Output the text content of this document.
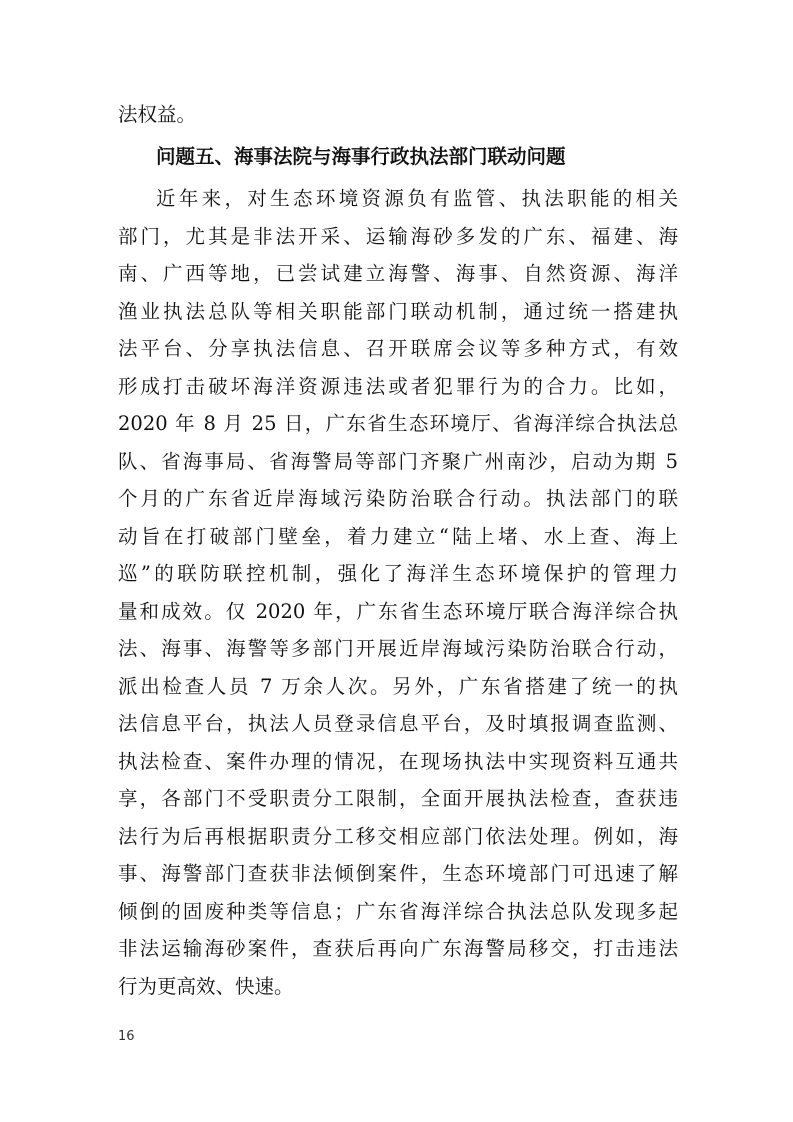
法权益。
问题五、海事法院与海事行政执法部门联动问题
近年来，对生态环境资源负有监管、执法职能的相关
部门，尤其是非法开采、运输海砂多发的广东、福建、海
南、广西等地，已尝试建立海警、海事、自然资源、海洋
渔业执法总队等相关职能部门联动机制，通过统一搭建执
法平台、分享执法信息、召开联席会议等多种方式，有效
形成打击破坏海洋资源违法或者犯罪行为的合力。比如，
2020 年 8 月 25 日，广东省生态环境厅、省海洋综合执法总
队、省海事局、省海警局等部门齐聚广州南沙，启动为期 5
个月的广东省近岸海域污染防治联合行动。执法部门的联
动旨在打破部门壁垒，着力建立“陆上堵、水上查、海上
巡”的联防联控机制，强化了海洋生态环境保护的管理力
量和成效。仅 2020 年，广东省生态环境厅联合海洋综合执
法、海事、海警等多部门开展近岸海域污染防治联合行动，
派出检查人员 7 万余人次。另外，广东省搭建了统一的执
法信息平台，执法人员登录信息平台，及时填报调查监测、
执法检查、案件办理的情况，在现场执法中实现资料互通共
享，各部门不受职责分工限制，全面开展执法检查，查获违
法行为后再根据职责分工移交相应部门依法处理。例如，海
事、海警部门查获非法倾倒案件，生态环境部门可迅速了解
倾倒的固废种类等信息；广东省海洋综合执法总队发现多起
16
非法运输海砂案件，查获后再向广东海警局移交，打击违法
行为更高效、快速。
